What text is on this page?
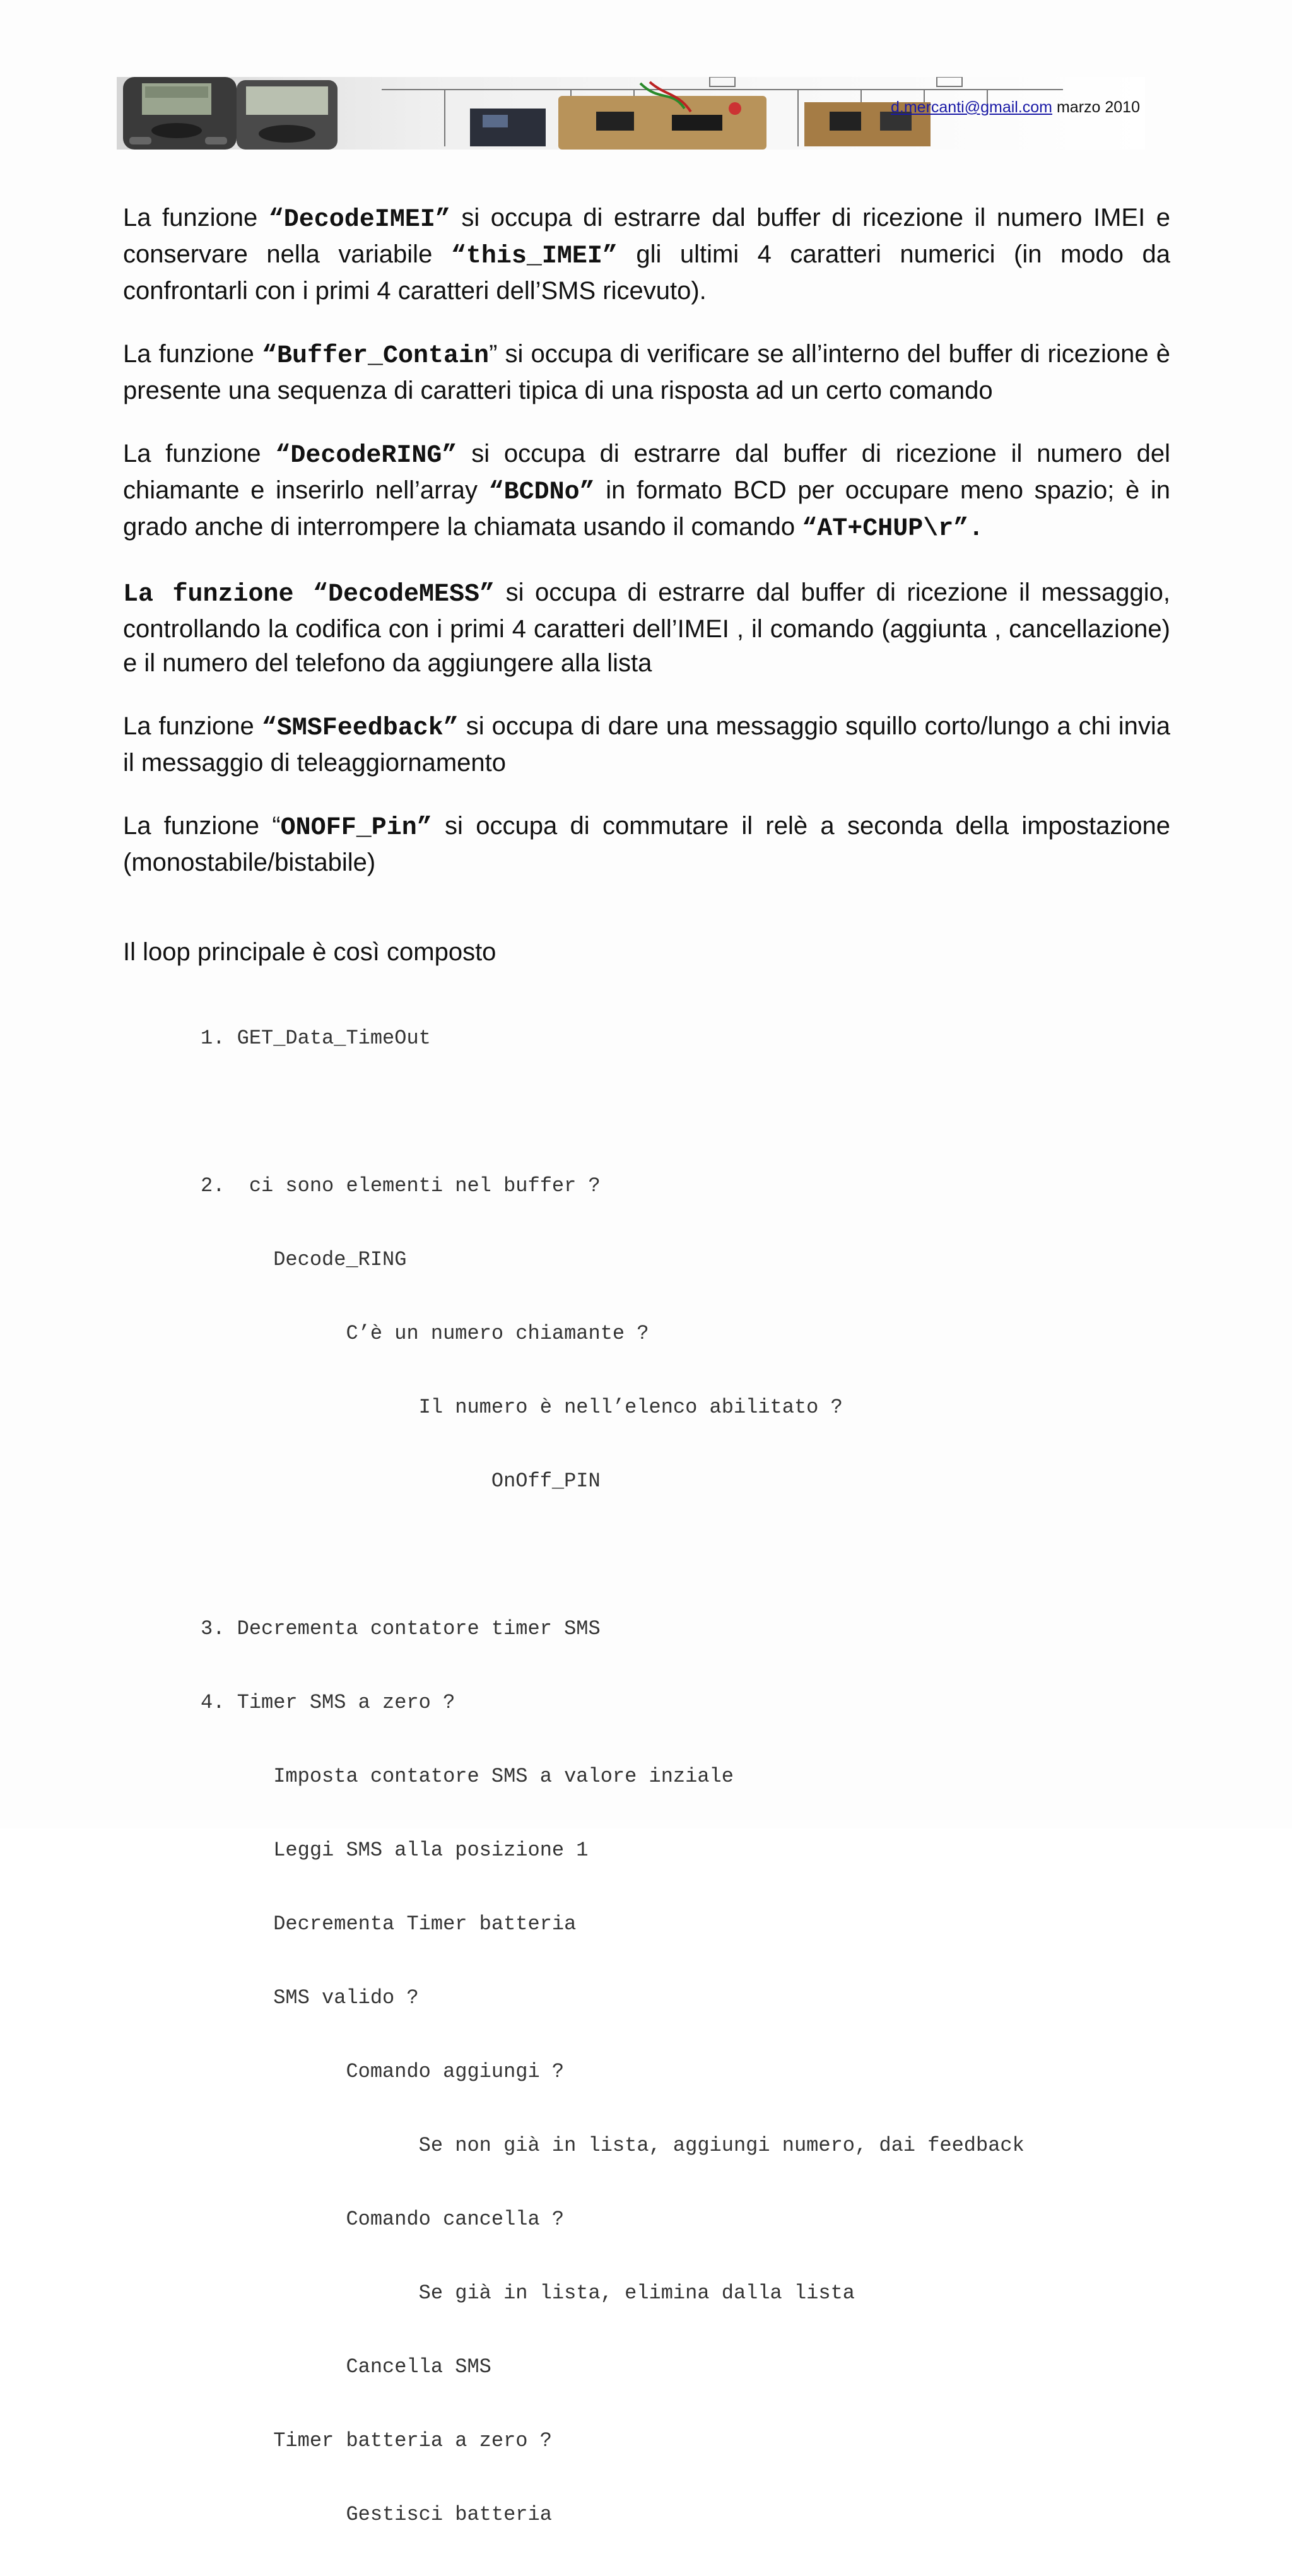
d.mercanti@gmail.com marzo 2010

La funzione “DecodeIMEI” si occupa di estrarre dal buffer di ricezione il numero IMEI e conservare nella variabile “this_IMEI” gli ultimi 4 caratteri numerici (in modo da confrontarli con i primi 4 caratteri dell’SMS ricevuto).

La funzione “Buffer_Contain” si occupa di verificare se all’interno del buffer di ricezione è presente una sequenza di caratteri tipica di una risposta ad un certo comando

La funzione “DecodeRING” si occupa di estrarre dal buffer di ricezione il numero del chiamante e inserirlo nell’array “BCDNo” in formato BCD per occupare meno spazio; è in grado anche di interrompere la chiamata usando il comando “AT+CHUP\r”.

La funzione “DecodeMESS” si occupa di estrarre dal buffer di ricezione il messaggio, controllando la codifica con i primi 4 caratteri dell’IMEI , il comando (aggiunta , cancellazione) e il numero del telefono da aggiungere alla lista

La funzione “SMSFeedback” si occupa di dare una messaggio squillo corto/lungo a chi invia il messaggio di teleaggiornamento

La funzione “ONOFF_Pin” si occupa di commutare il relè a seconda della impostazione (monostabile/bistabile)

Il loop principale è così composto

1. GET_Data_TimeOut

2.  ci sono elementi nel buffer ?

Decode_RING

C’è un numero chiamante ?

Il numero è nell’elenco abilitato ?

OnOff_PIN

3. Decrementa contatore timer SMS

4. Timer SMS a zero ?

Imposta contatore SMS a valore inziale

Leggi SMS alla posizione 1

Decrementa Timer batteria

SMS valido ?

Comando aggiungi ?

Se non già in lista, aggiungi numero, dai feedback

Comando cancella ?

Se già in lista, elimina dalla lista

Cancella SMS

Timer batteria a zero ?

Gestisci batteria
